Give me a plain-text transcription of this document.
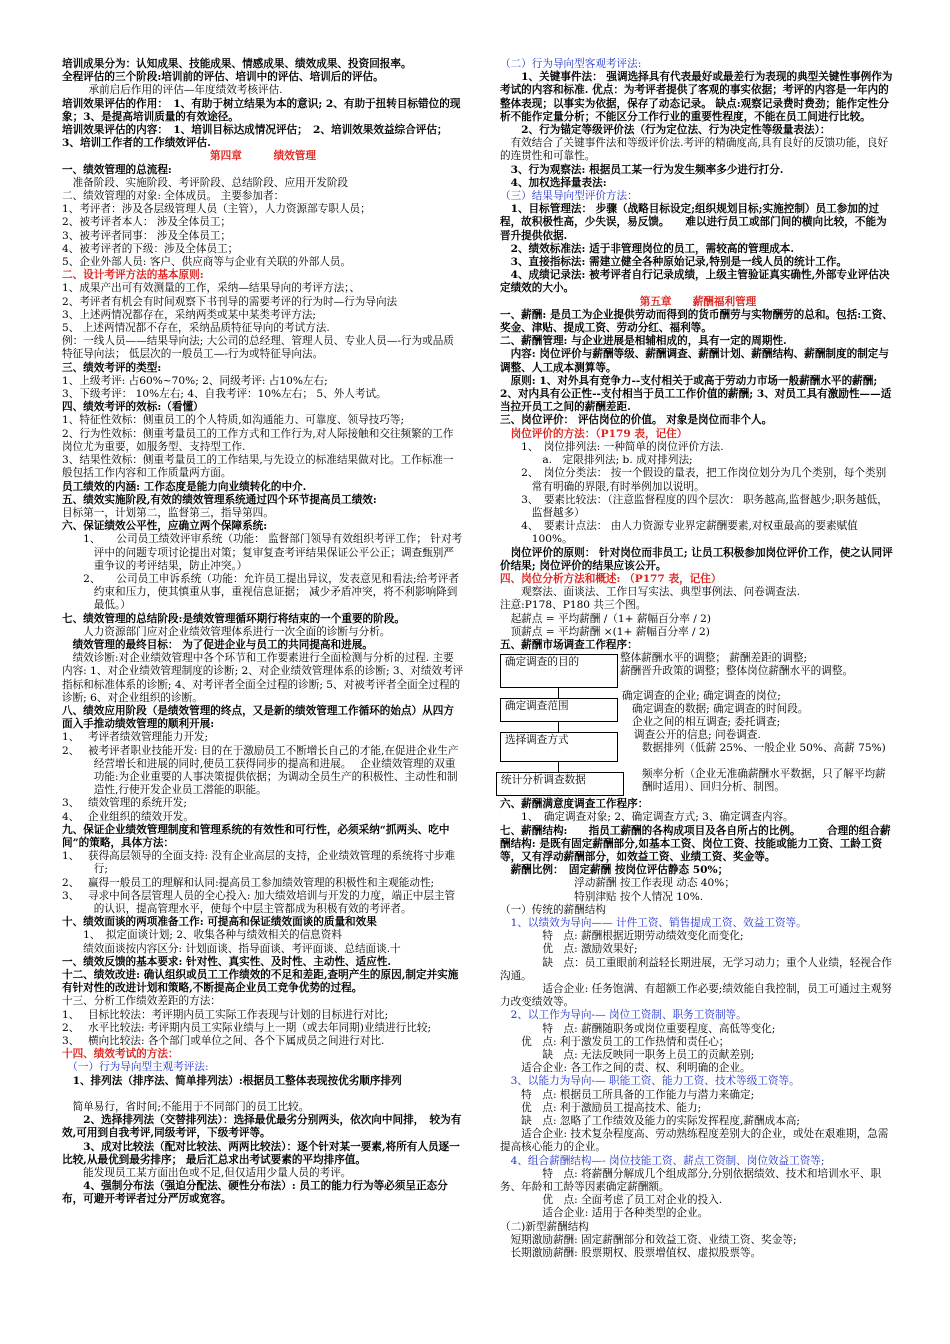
培训成果分为：认知成果、技能成果、情感成果、绩效成果、投资回报率。

全程评估的三个阶段:培训前的评估、培训中的评估、培训后的评估。

承前启后作用的评估—年度绩效考核评估.

培训效果评估的作用：　1、有助于树立结果为本的意识; 2、有助于扭转目标错位的现象；3、是提高培训质量的有效途径。

培训效果评估的内容：　1、培训目标达成情况评估；　2、培训效果效益综合评估；　3、培训工作者的工作绩效评估.

第四章　　　绩效管理

一、绩效管理的总流程:

　准备阶段、实施阶段、考评阶段、总结阶段、应用开发阶段

二、绩效管理的对象: 全体成员。 主要参加者：

1、考评者：涉及各层级管理人员（主管），人力资源部专职人员；

2、被考评者本人： 涉及全体员工；

3、被考评者同事： 涉及全体员工；

4、被考评者的下级：涉及全体员工；

5、企业外部人员: 客户、供应商等与企业有关联的外部人员。

二、设计考评方法的基本原则:

1、成果产出可有效测量的工作，采纳—结果导向的考评方法；、

2、考评者有机会有时间观察下书刊导的需要考评的行为时—行为导向法

3、上述两情况都存在，采纳两类或某中某类考评方法;

5、 上述两情况都不存在，采纳品质特征导向的考试方法.

例：一线人员——结果导向法; 大公司的总经理、管理人员、专业人员—-行为或品质特征导向法； 低层次的一般员工—-行为或特征导向法。

三、绩效考评的类型:

1、上级考评: 占60%~70%; 2、同级考评: 占10%左右;

3、下级考评： 10%左右; 4、自我考评：10%左右； 5、外人考试。

四、绩效考评的效标:（看懂）

1、特征性效标：侧重员工的个人特质,如沟通能力、可靠度、领导技巧等;

2、行为性效标：侧重考量员工的工作方式和工作行为,对人际接触和交往频繁的工作岗位尤为重要，如服务型、支持型工作.

3、结果性效标：侧重考量员工的工作结果,与先设立的标准结果做对比。工作标准一般包括工作内容和工作质量两方面。

员工绩效的内涵: 工作态度是能力向业绩转化的中介.

五、绩效实施阶段,有效的绩效管理系统通过四个环节提高员工绩效:

目标第一，计划第二，监督第三，指导第四。

六、保证绩效公平性，应确立两个保障系统:

　　1、　　公司员工绩效评审系统（功能： 监督部门领导有效组织考评工作； 针对考评中的问题专项讨论提出对策；复审复查考评结果保证公平公正；调查甄别严重争议的考评结果，防止冲突。）

　　2、　　公司员工申诉系统（功能：允许员工提出异议，发表意见和看法;给考评者约束和压力，使其慎重从事，重视信息证据； 减少矛盾冲突，将不利影响降到最低。）

七、绩效管理的总结阶段:是绩效管理循环期行将结束的一个重要的阶段。

　　人力资源部门应对企业绩效管理体系进行一次全面的诊断与分析。

　绩效管理的最终目标： 为了促进企业与员工的共同提高和进展。

　绩效诊断:对企业绩效管理中各个环节和工作要素进行全面检测与分析的过程. 主要内容: 1、对企业绩效管理制度的诊断; 2、对企业绩效管理体系的诊断; 3、对绩效考评指标和标准体系的诊断; 4、对考评者全面全过程的诊断; 5、对被考评者全面全过程的诊断; 6、对企业组织的诊断。

八、绩效应用阶段（是绩效管理的终点，又是新的绩效管理工作循环的始点）从四方面入手推动绩效管理的顺利开展:

1、　 考评者绩效管理能力开发;

2、　 被考评者职业技能开发: 目的在于激励员工不断增长自己的才能,在促进企业生产经营增长和进展的同时,使员工获得同步的提高和进展。　 企业绩效管理的双重功能:为企业重要的人事决策提供依据；为调动全员生产的积极性、主动性和制造性,行使开发企业员工潜能的职能。

3、　 绩效管理的系统开发;

4、　 企业组织的绩效开发。

九、保证企业绩效管理制度和管理系统的有效性和可行性，必须采纳“抓两头、吃中间”的策略，具体方法：

1、　 获得高层领导的全面支持: 没有企业高层的支持，企业绩效管理的系统将寸步难行;

2、　 赢得一般员工的理解和认同:提高员工参加绩效管理的积极性和主观能动性;

3、　 寻求中间各层管理人员的全心投入: 加大绩效培训与开发的力度，端正中层主管的认识，提高管理水平，使每个中层主管都成为积极有效的考评者。

十、绩效面谈的两项准备工作: 可提高和保证绩效面谈的质量和效果

　　1、　拟定面谈计划; 2、收集各种与绩效相关的信息资料

　　绩效面谈按内容区分: 计划面谈、指导面谈、考评面谈、总结面谈.十

一、绩效反馈的基本要求: 针对性、真实性、及时性、主动性、适应性.

十二、绩效改进: 确认组织或员工工作绩效的不足和差距,查明产生的原因,制定并实施有针对性的改进计划和策略,不断提高企业员工竞争优势的过程。

十三、分析工作绩效差距的方法：

1、　 目标比较法：考评期内员工实际工作表现与计划的目标进行对比;

2、　 水平比较法: 考评期内员工实际业绩与上一期（或去年同期)业绩进行比较;

3、　 横向比较法: 各个部门或单位之间、各个下属成员之间进行对比.

十四、绩效考试的方法：

　（一）行为导向型主观考评法:

　1、排列法（排序法、简单排列法）:根据员工整体表现按优劣顺序排列

　简单易行，省时间;不能用于不同部门的员工比较。

　　2、选择排列法（交替排列法）：选择最优最劣分别两头，依次向中间排，　较为有效,可用到自我考评,同级考评，下级考评等。

　　3、成对比较法（配对比较法、两两比较法）：逐个针对某一要素,将所有人员逐一比较,从最优到最劣排序； 最后汇总求出考试要素的平均排序值。

　　能发现员工某方面出色或不足,但仅适用少量人员的考评。

　　4、强制分布法（强迫分配法、硬性分布法）: 员工的能力行为等必须呈正态分布，可避开考评者过分严厉或宽容。

（二）行为导向型客观考评法:

　　1、关键事件法： 强调选择具有代表最好或最差行为表现的典型关键性事例作为考试的内容和标准. 优点：为考评者提供了客观的事实依据；考评的内容是一年内的整体表现；以事实为依据，保存了动态记录。 缺点:观察记录费时费劲；能作定性分析不能作定量分析；不能区分工作行业的重要性程度，不能在员工间进行比较。

　　2、行为锚定等级评价法（行为定位法、行为决定性等级量表法）：

　有效结合了关键事件法和等级评价法.考评的精确度高,具有良好的反馈功能，良好的连贯性和可靠性。

　3、行为观察法: 根据员工某一行为发生频率多少进行打分.

　4、加权选择量表法:

（三）结果导向型评价方法：

　1、目标管理法： 步骤（战略目标设定;组织规划目标;实施控制）员工参加的过程，故积极性高，少失误，易反馈。　　难以进行员工或部门间的横向比较，不能为晋升提供依据.

　2、绩效标准法: 适于非管理岗位的员工，需较高的管理成本.

　3、直接指标法: 需建立健全各种原始记录,特别是一线人员的统计工作。

　4、成绩记录法: 被考评者自行记录成绩，上级主管验证真实确性,外部专业评估决定绩效的大小。

第五章　　薪酬福利管理

一、薪酬: 是员工为企业提供劳动而得到的货币酬劳与实物酬劳的总和。包括:工资、奖金、津贴、提成工资、劳动分红、福利等。

二、薪酬管理: 与企业进展是相辅相成的，具有一定的周期性.

　内容: 岗位评价与薪酬等级、薪酬调查、薪酬计划、薪酬结构、薪酬制度的制定与调整、人工成本测算等。

　原则: 1、对外具有竞争力--支付相关于或高于劳动力市场一般薪酬水平的薪酬; 2、对内具有公正性--支付相当于员工工作价值的薪酬; 3、对员工具有激励性——适当拉开员工之间的薪酬差距.

三、岗位评价： 评估岗位的价值。 对象是岗位而非个人。

　岗位评价的方法：（P179 表，记住）

　　1、　岗位排列法: 一种简单的岗位评价方法.

　　　　a.　定限排列法; b. 成对排列法;

　　2、　岗位分类法： 按一个假设的量表，把工作岗位划分为几个类别，每个类别常有明确的界限,有时举例加以说明。

　　3、　要素比较法：（注意监督程度的四个层次： 职务越高,监督越少;职务越低，监督越多）

　　4、　要素计点法： 由人力资源专业界定薪酬要素,对权重最高的要素赋值 100%。

　岗位评价的原则： 针对岗位而非员工; 让员工积极参加岗位评价工作，使之认同评价结果; 岗位评价的结果应该公开。

四、岗位分析方法和概述: （P177 表，记住）

　　观察法、面谈法、工作日写实法、典型事例法、问卷调查法.

注意:P178、P180 共三个图。

　起薪点 = 平均薪酬 /（1+ 薪幅百分率 / 2)

　顶薪点 = 平均薪酬 ×(1+ 薪幅百分率 / 2)

五、薪酬市场调查工作程序：

确定调查的目的
确定调查范围
选择调查方式
统计分析调查数据
整体薪酬水平的调整； 薪酬差距的调整;
薪酬晋升政策的调整；整体岗位薪酬水平的调整。
确定调查的企业; 确定调查的岗位;
确定调查的数据; 确定调查的时间段。
企业之间的相互调查; 委托调查;
调查公开的信息; 问卷调查.
数据排列（低薪 25%、一般企业 50%、高薪 75%)
频率分析（企业无准确薪酬水平数据，只了解平均薪酬时适用）、回归分析、制图。

六、薪酬满意度调查工作程序：

　　1、　确定调查对象; 2、确定调查方式; 3、确定调查内容。

七、薪酬结构:　　指员工薪酬的各构成项目及各自所占的比例。　　　合理的组合薪酬结构: 是既有固定薪酬部分,如基本工资、岗位工资、技能或能力工资、工龄工资等，又有浮动薪酬部分，如效益工资、业绩工资、奖金等。

　薪酬比例：　固定薪酬 按岗位评估静态 50%；

　　　　　　　浮动薪酬 按工作表现 动态 40%；

　　　　　　　特别津贴 按个人情况 10%.

（一）传统的薪酬结构

　1、以绩效为导向—— 计件工资、销售提成工资、效益工资等。

　　　　特　点: 薪酬根据近期劳动绩效变化而变化;

　　　　优　点: 激励效果好;

　　　　缺　点：员工重眼前利益轻长期进展，无学习动力；重个人业绩，轻视合作沟通。

　　　　适合企业: 任务饱满、有超额工作必要;绩效能自我控制，员工可通过主观努力改变绩效等。

　2、以工作为导向-— 岗位工资制、职务工资制等。

　　　　特　点: 薪酬随职务或岗位重要程度、高低等变化;

　　优　点: 利于激发员工的工作热情和责任心；

　　　　缺　点: 无法反映同一职务上员工的贡献差别;

　　适合企业: 各工作之间的责、权、利明确的企业。

　3、以能力为导向-— 职能工资、能力工资、技术等级工资等。

　　特　点: 根据员工所具备的工作能力与潜力来确定;

　　优　点: 利于激励员工提高技术、能力;

　　缺　点: 忽略了工作绩效及能力的实际发挥程度,薪酬成本高;

　　适合企业: 技术复杂程度高、劳动熟练程度差别大的企业，或处在艰难期，急需提高核心能力的企业。

　4、组合薪酬结构—- 岗位技能工资、薪点工资制、岗位效益工资等;

　　　　特　点: 将薪酬分解成几个组成部分,分别依据绩效、技术和培训水平、职务、年龄和工龄等因素确定薪酬额。

　　　　优　点: 全面考虑了员工对企业的投入.

　　　　适合企业: 适用于各种类型的企业。

（二)新型薪酬结构

　短期激励薪酬: 固定薪酬部分和效益工资、业绩工资、奖金等;

　长期激励薪酬: 股票期权、股票增值权、虚拟股票等。
